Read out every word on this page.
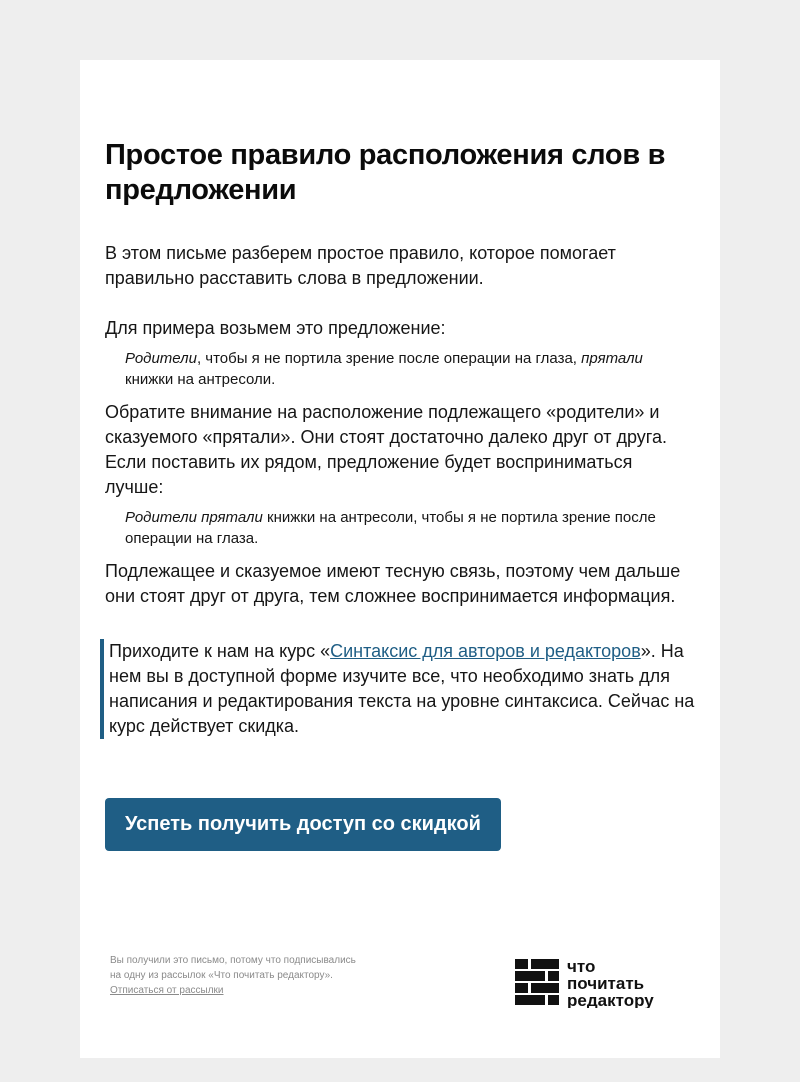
Простое правило расположения слов в предложении

В этом письме разберем простое правило, которое помогает правильно расставить слова в предложении.

Для примера возьмем это предложение:

Родители, чтобы я не портила зрение после операции на глаза, прятали книжки на антресоли.

Обратите внимание на расположение подлежащего «родители» и сказуемого «прятали». Они стоят достаточно далеко друг от друга. Если поставить их рядом, предложение будет восприниматься лучше:

Родители прятали книжки на антресоли, чтобы я не портила зрение после операции на глаза.

Подлежащее и сказуемое имеют тесную связь, поэтому чем дальше они стоят друг от друга, тем сложнее воспринимается информация.

Приходите к нам на курс «Синтаксис для авторов и редакторов». На нем вы в доступной форме изучите все, что необходимо знать для написания и редактирования текста на уровне синтаксиса. Сейчас на курс действует скидка.
Успеть получить доступ со скидкой
Вы получили это письмо, потому что подписывались
на одну из рассылок «Что почитать редактору».
Отписаться от рассылки
что
почитать
редактору
